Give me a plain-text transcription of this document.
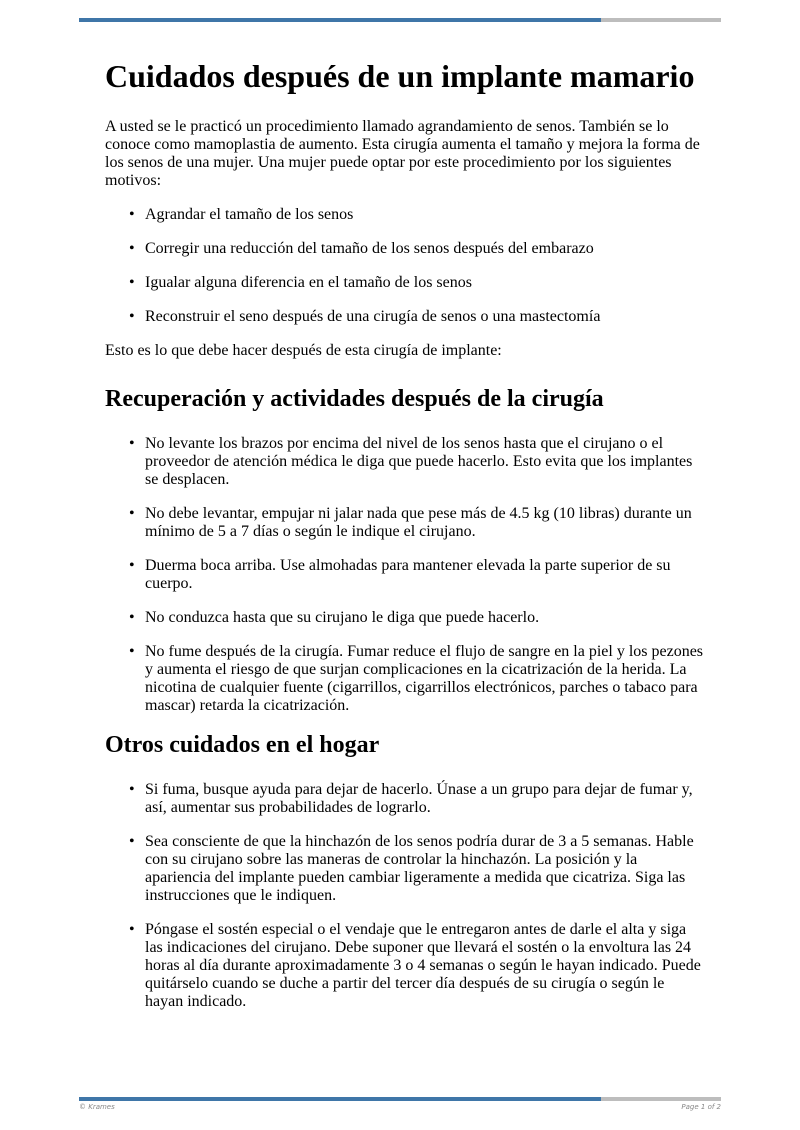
Cuidados después de un implante mamario

A usted se le practicó un procedimiento llamado agrandamiento de senos. También se lo conoce como mamoplastia de aumento. Esta cirugía aumenta el tamaño y mejora la forma de los senos de una mujer. Una mujer puede optar por este procedimiento por los siguientes motivos:

• Agrandar el tamaño de los senos
• Corregir una reducción del tamaño de los senos después del embarazo
• Igualar alguna diferencia en el tamaño de los senos
• Reconstruir el seno después de una cirugía de senos o una mastectomía

Esto es lo que debe hacer después de esta cirugía de implante:

Recuperación y actividades después de la cirugía
• No levante los brazos por encima del nivel de los senos hasta que el cirujano o el proveedor de atención médica le diga que puede hacerlo. Esto evita que los implantes se desplacen.
• No debe levantar, empujar ni jalar nada que pese más de 4.5 kg (10 libras) durante un mínimo de 5 a 7 días o según le indique el cirujano.
• Duerma boca arriba. Use almohadas para mantener elevada la parte superior de su cuerpo.
• No conduzca hasta que su cirujano le diga que puede hacerlo.
• No fume después de la cirugía. Fumar reduce el flujo de sangre en la piel y los pezones y aumenta el riesgo de que surjan complicaciones en la cicatrización de la herida. La nicotina de cualquier fuente (cigarrillos, cigarrillos electrónicos, parches o tabaco para mascar) retarda la cicatrización.
Otros cuidados en el hogar
• Si fuma, busque ayuda para dejar de hacerlo. Únase a un grupo para dejar de fumar y, así, aumentar sus probabilidades de lograrlo.
• Sea consciente de que la hinchazón de los senos podría durar de 3 a 5 semanas. Hable con su cirujano sobre las maneras de controlar la hinchazón. La posición y la apariencia del implante pueden cambiar ligeramente a medida que cicatriza. Siga las instrucciones que le indiquen.
• Póngase el sostén especial o el vendaje que le entregaron antes de darle el alta y siga las indicaciones del cirujano. Debe suponer que llevará el sostén o la envoltura las 24 horas al día durante aproximadamente 3 o 4 semanas o según le hayan indicado. Puede quitárselo cuando se duche a partir del tercer día después de su cirugía o según le hayan indicado.
© Krames	Page 1 of 2
